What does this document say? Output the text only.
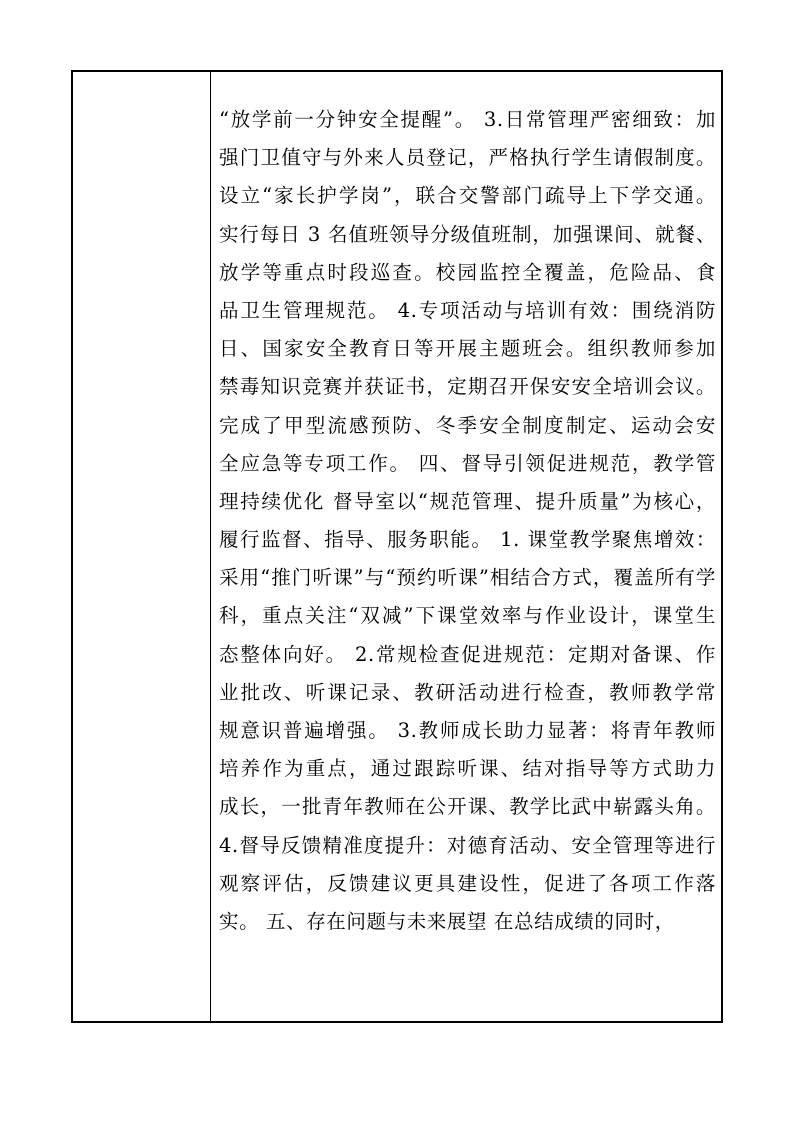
“放学前一分钟安全提醒”。 3.日常管理严密细致：加
强门卫值守与外来人员登记，严格执行学生请假制度。
设立“家长护学岗”，联合交警部门疏导上下学交通。
实行每日 3 名值班领导分级值班制，加强课间、就餐、
放学等重点时段巡查。校园监控全覆盖，危险品、食
品卫生管理规范。 4.专项活动与培训有效：围绕消防
日、国家安全教育日等开展主题班会。组织教师参加
禁毒知识竞赛并获证书，定期召开保安安全培训会议。
完成了甲型流感预防、冬季安全制度制定、运动会安
全应急等专项工作。 四、督导引领促进规范，教学管
理持续优化 督导室以“规范管理、提升质量”为核心，
履行监督、指导、服务职能。 1. 课堂教学聚焦增效：
采用“推门听课”与“预约听课”相结合方式，覆盖所有学
科，重点关注“双减”下课堂效率与作业设计，课堂生
态整体向好。 2.常规检查促进规范：定期对备课、作
业批改、听课记录、教研活动进行检查，教师教学常
规意识普遍增强。 3.教师成长助力显著：将青年教师
培养作为重点，通过跟踪听课、结对指导等方式助力
成长，一批青年教师在公开课、教学比武中崭露头角。
4.督导反馈精准度提升：对德育活动、安全管理等进行
观察评估，反馈建议更具建设性，促进了各项工作落
实。 五、存在问题与未来展望 在总结成绩的同时，
